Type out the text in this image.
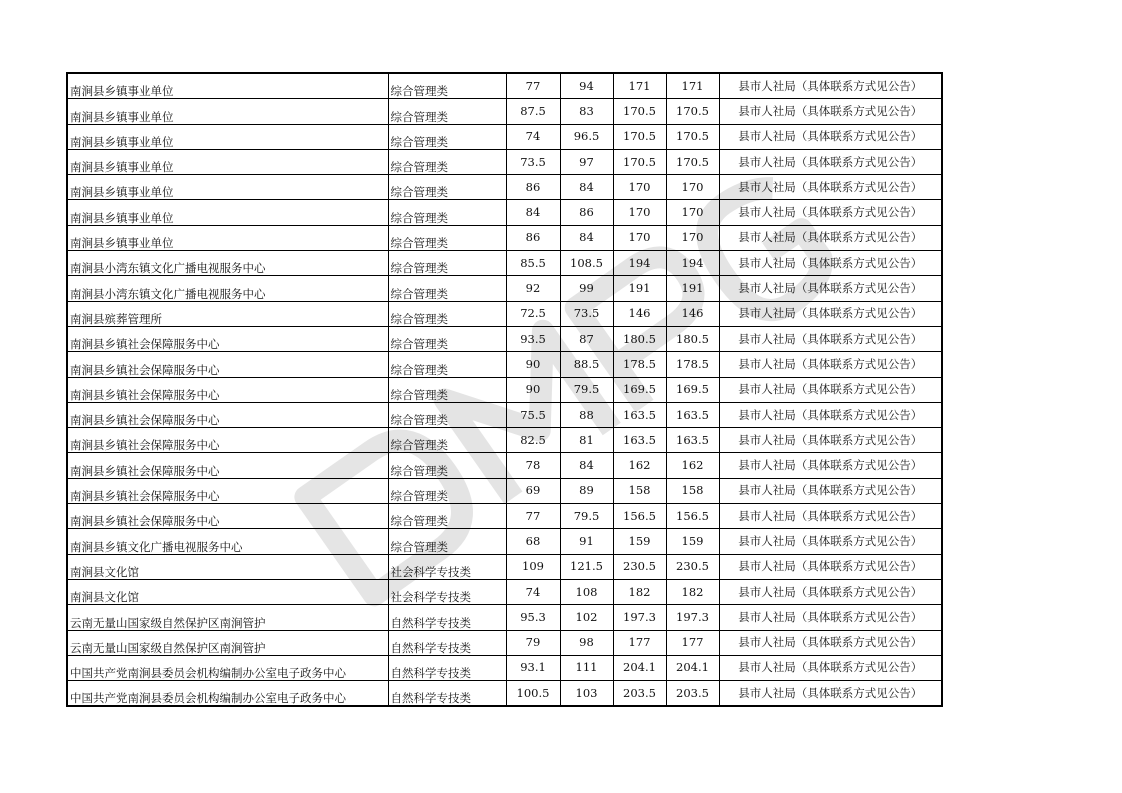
南涧县乡镇事业单位	综合管理类	77	94	171	171	县市人社局（具体联系方式见公告）
南涧县乡镇事业单位	综合管理类	87.5	83	170.5	170.5	县市人社局（具体联系方式见公告）
南涧县乡镇事业单位	综合管理类	74	96.5	170.5	170.5	县市人社局（具体联系方式见公告）
南涧县乡镇事业单位	综合管理类	73.5	97	170.5	170.5	县市人社局（具体联系方式见公告）
南涧县乡镇事业单位	综合管理类	86	84	170	170	县市人社局（具体联系方式见公告）
南涧县乡镇事业单位	综合管理类	84	86	170	170	县市人社局（具体联系方式见公告）
南涧县乡镇事业单位	综合管理类	86	84	170	170	县市人社局（具体联系方式见公告）
南涧县小湾东镇文化广播电视服务中心	综合管理类	85.5	108.5	194	194	县市人社局（具体联系方式见公告）
南涧县小湾东镇文化广播电视服务中心	综合管理类	92	99	191	191	县市人社局（具体联系方式见公告）
南涧县殡葬管理所	综合管理类	72.5	73.5	146	146	县市人社局（具体联系方式见公告）
南涧县乡镇社会保障服务中心	综合管理类	93.5	87	180.5	180.5	县市人社局（具体联系方式见公告）
南涧县乡镇社会保障服务中心	综合管理类	90	88.5	178.5	178.5	县市人社局（具体联系方式见公告）
南涧县乡镇社会保障服务中心	综合管理类	90	79.5	169.5	169.5	县市人社局（具体联系方式见公告）
南涧县乡镇社会保障服务中心	综合管理类	75.5	88	163.5	163.5	县市人社局（具体联系方式见公告）
南涧县乡镇社会保障服务中心	综合管理类	82.5	81	163.5	163.5	县市人社局（具体联系方式见公告）
南涧县乡镇社会保障服务中心	综合管理类	78	84	162	162	县市人社局（具体联系方式见公告）
南涧县乡镇社会保障服务中心	综合管理类	69	89	158	158	县市人社局（具体联系方式见公告）
南涧县乡镇社会保障服务中心	综合管理类	77	79.5	156.5	156.5	县市人社局（具体联系方式见公告）
南涧县乡镇文化广播电视服务中心	综合管理类	68	91	159	159	县市人社局（具体联系方式见公告）
南涧县文化馆	社会科学专技类	109	121.5	230.5	230.5	县市人社局（具体联系方式见公告）
南涧县文化馆	社会科学专技类	74	108	182	182	县市人社局（具体联系方式见公告）
云南无量山国家级自然保护区南涧管护	自然科学专技类	95.3	102	197.3	197.3	县市人社局（具体联系方式见公告）
云南无量山国家级自然保护区南涧管护	自然科学专技类	79	98	177	177	县市人社局（具体联系方式见公告）
中国共产党南涧县委员会机构编制办公室电子政务中心	自然科学专技类	93.1	111	204.1	204.1	县市人社局（具体联系方式见公告）
中国共产党南涧县委员会机构编制办公室电子政务中心	自然科学专技类	100.5	103	203.5	203.5	县市人社局（具体联系方式见公告）
